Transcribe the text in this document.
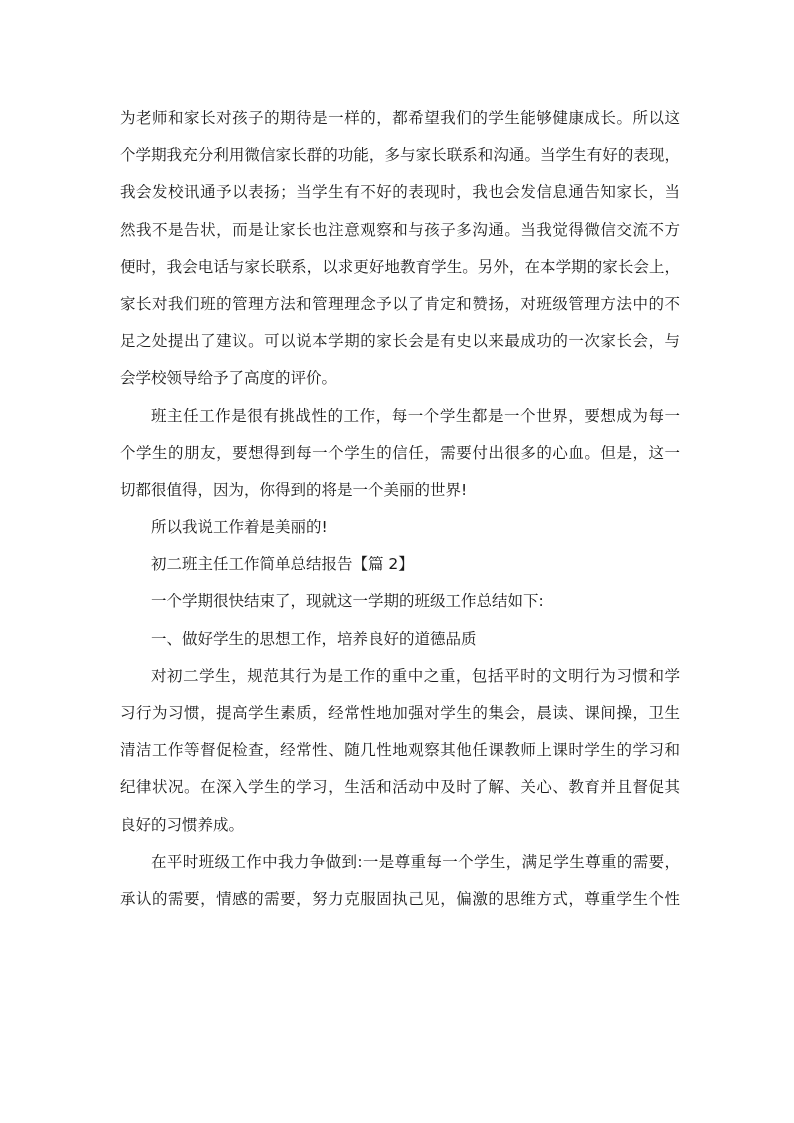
为老师和家长对孩子的期待是一样的，都希望我们的学生能够健康成长。所以这
个学期我充分利用微信家长群的功能，多与家长联系和沟通。当学生有好的表现，
我会发校讯通予以表扬；当学生有不好的表现时，我也会发信息通告知家长，当
然我不是告状，而是让家长也注意观察和与孩子多沟通。当我觉得微信交流不方
便时，我会电话与家长联系，以求更好地教育学生。另外，在本学期的家长会上，
家长对我们班的管理方法和管理理念予以了肯定和赞扬，对班级管理方法中的不
足之处提出了建议。可以说本学期的家长会是有史以来最成功的一次家长会，与
会学校领导给予了高度的评价。
班主任工作是很有挑战性的工作，每一个学生都是一个世界，要想成为每一
个学生的朋友，要想得到每一个学生的信任，需要付出很多的心血。但是，这一
切都很值得，因为，你得到的将是一个美丽的世界!
所以我说工作着是美丽的!
初二班主任工作简单总结报告【篇 2】
一个学期很快结束了，现就这一学期的班级工作总结如下:
一、做好学生的思想工作，培养良好的道德品质
对初二学生，规范其行为是工作的重中之重，包括平时的文明行为习惯和学
习行为习惯，提高学生素质，经常性地加强对学生的集会，晨读、课间操，卫生
清洁工作等督促检查，经常性、随几性地观察其他任课教师上课时学生的学习和
纪律状况。在深入学生的学习，生活和活动中及时了解、关心、教育并且督促其
良好的习惯养成。
在平时班级工作中我力争做到:一是尊重每一个学生，满足学生尊重的需要，
承认的需要，情感的需要，努力克服固执己见，偏激的思维方式，尊重学生个性
